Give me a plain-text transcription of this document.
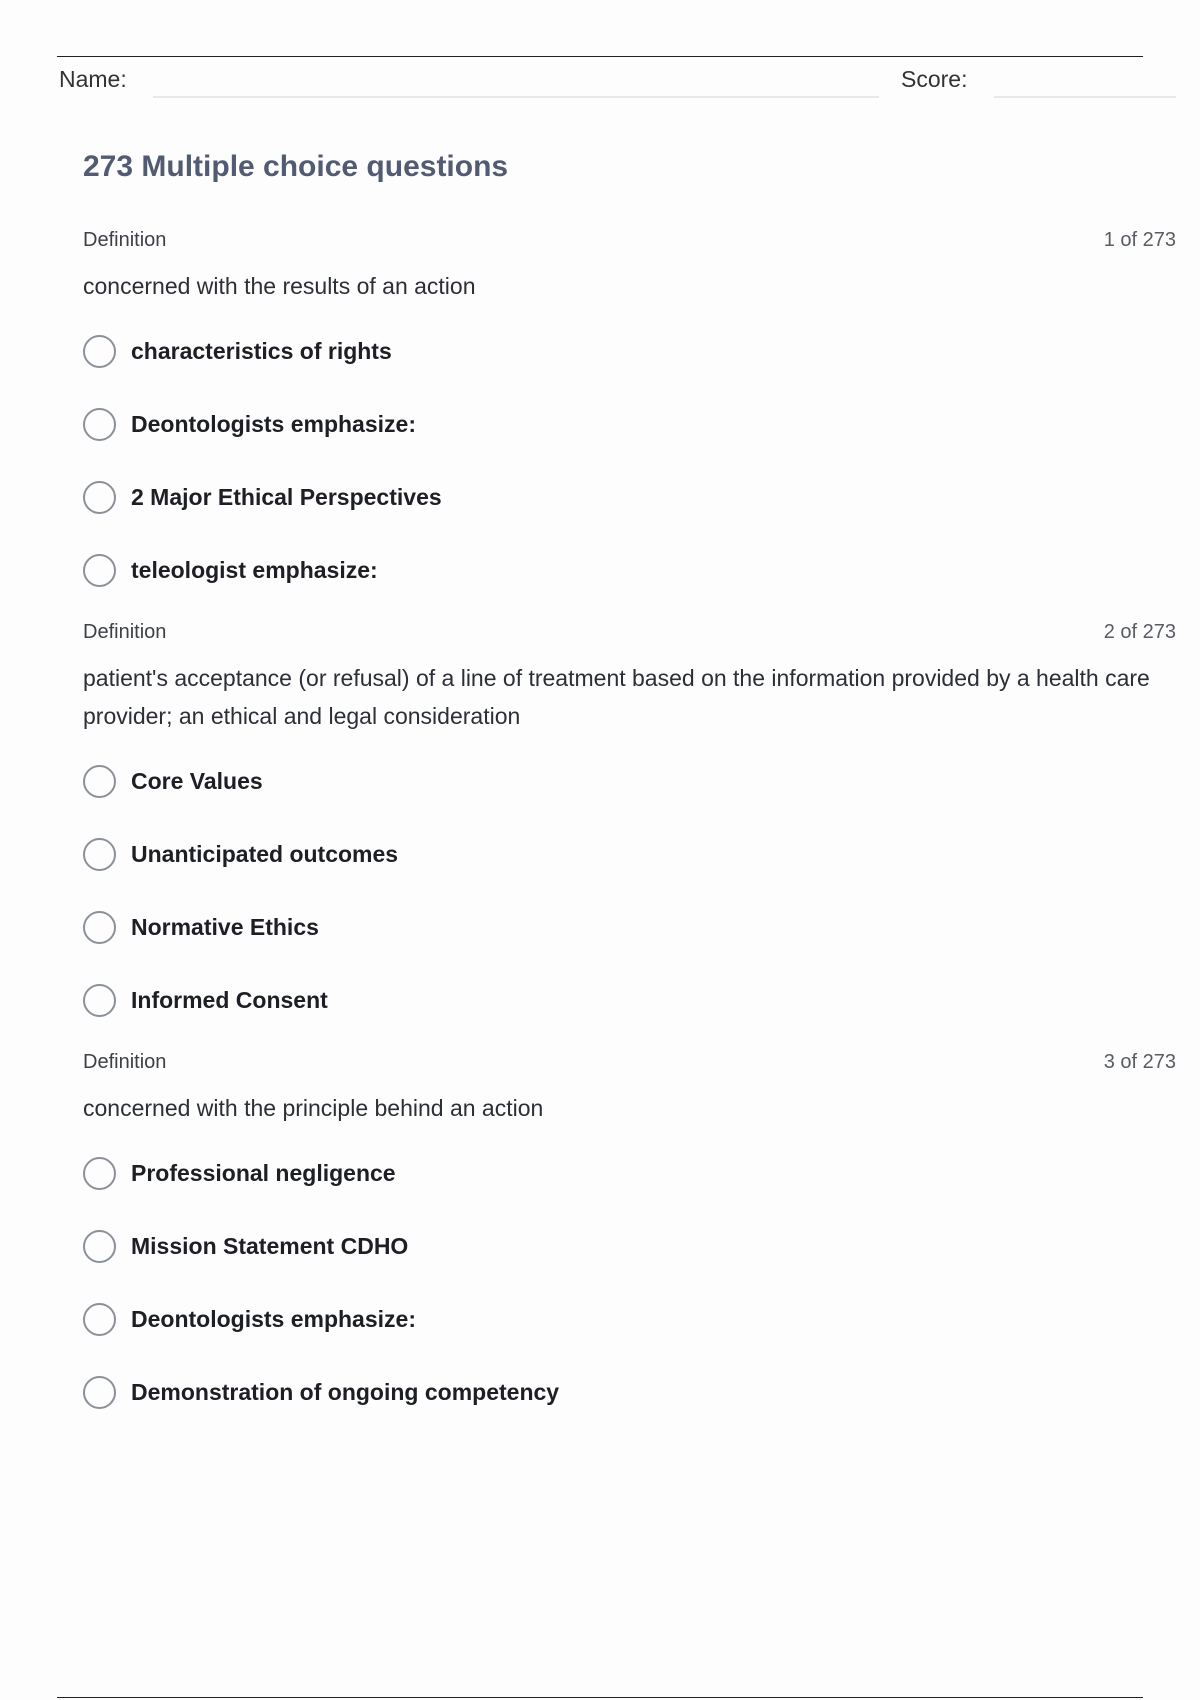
Name:	Score:
273 Multiple choice questions
Definition	1 of 273
concerned with the results of an action
characteristics of rights
Deontologists emphasize:
2 Major Ethical Perspectives
teleologist emphasize:
Definition	2 of 273
patient's acceptance (or refusal) of a line of treatment based on the information provided by a health care provider; an ethical and legal consideration
Core Values
Unanticipated outcomes
Normative Ethics
Informed Consent
Definition	3 of 273
concerned with the principle behind an action
Professional negligence
Mission Statement CDHO
Deontologists emphasize:
Demonstration of ongoing competency
